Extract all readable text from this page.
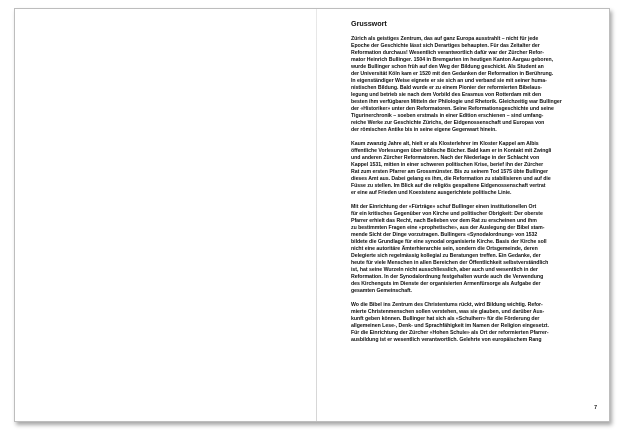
Grusswort

Zürich als geistiges Zentrum, das auf ganz Europa ausstrahlt – nicht für jede
Epoche der Geschichte lässt sich Derartiges behaupten. Für das Zeitalter der
Reformation durchaus! Wesentlich verantwortlich dafür war der Zürcher Refor-
mator Heinrich Bullinger. 1504 in Bremgarten im heutigen Kanton Aargau geboren,
wurde Bullinger schon früh auf den Weg der Bildung geschickt. Als Student an
der Universität Köln kam er 1520 mit den Gedanken der Reformation in Berührung.
In eigenständiger Weise eignete er sie sich an und verband sie mit seiner huma-
nistischen Bildung. Bald wurde er zu einem Pionier der reformierten Bibelaus-
legung und betrieb sie nach dem Vorbild des Erasmus von Rotterdam mit den
besten ihm verfügbaren Mitteln der Philologie und Rhetorik. Gleichzeitig war Bullinger
der «Historiker» unter den Reformatoren. Seine Reformationsgeschichte und seine
Tigurinerchronik – soeben erstmals in einer Edition erschienen – sind umfang-
reiche Werke zur Geschichte Zürichs, der Eidgenossenschaft und Europas von
der römischen Antike bis in seine eigene Gegenwart hinein.

Kaum zwanzig Jahre alt, hielt er als Klosterlehrer im Kloster Kappel am Albis
öffentliche Vorlesungen über biblische Bücher. Bald kam er in Kontakt mit Zwingli
und anderen Zürcher Reformatoren. Nach der Niederlage in der Schlacht von
Kappel 1531, mitten in einer schweren politischen Krise, berief ihn der Zürcher
Rat zum ersten Pfarrer am Grossmünster. Bis zu seinem Tod 1575 übte Bullinger
dieses Amt aus. Dabei gelang es ihm, die Reformation zu stabilisieren und auf die
Füsse zu stellen. Im Blick auf die religiös gespaltene Eidgenossenschaft vertrat
er eine auf Frieden und Koexistenz ausgerichtete politische Linie.

Mit der Einrichtung der «Fürträge» schuf Bullinger einen institutionellen Ort
für ein kritisches Gegenüber von Kirche und politischer Obrigkeit: Der oberste
Pfarrer erhielt das Recht, nach Belieben vor dem Rat zu erscheinen und ihm
zu bestimmten Fragen eine «prophetische», aus der Auslegung der Bibel stam-
mende Sicht der Dinge vorzutragen. Bullingers «Synodalordnung» von 1532
bildete die Grundlage für eine synodal organisierte Kirche. Basis der Kirche soll
nicht eine autoritäre Ämterhierarchie sein, sondern die Ortsgemeinde, deren
Delegierte sich regelmässig kollegial zu Beratungen treffen. Ein Gedanke, der
heute für viele Menschen in allen Bereichen der Öffentlichkeit selbstverständlich
ist, hat seine Wurzeln nicht ausschliesslich, aber auch und wesentlich in der
Reformation. In der Synodalordnung festgehalten wurde auch die Verwendung
des Kirchenguts im Dienste der organisierten Armenfürsorge als Aufgabe der
gesamten Gemeinschaft.

Wo die Bibel ins Zentrum des Christentums rückt, wird Bildung wichtig. Refor-
mierte Christenmenschen sollen verstehen, was sie glauben, und darüber Aus-
kunft geben können. Bullinger hat sich als «Schulherr» für die Förderung der
allgemeinen Lese-, Denk- und Sprachfähigkeit im Namen der Religion eingesetzt.
Für die Einrichtung der Zürcher «Hohen Schule» als Ort der reformierten Pfarrer-
ausbildung ist er wesentlich verantwortlich. Gelehrte von europäischem Rang

7
